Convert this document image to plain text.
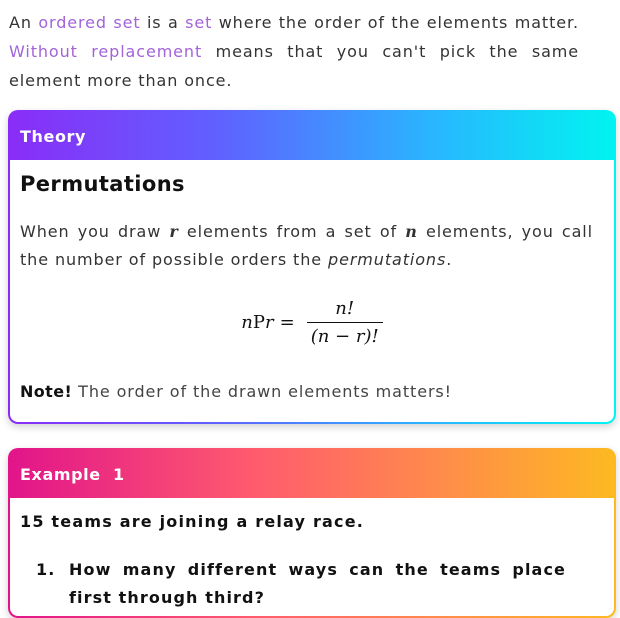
An ordered set is a set where the order of the elements matter. Without replacement means that you can't pick the same element more than once.
Theory
Permutations
When you draw r elements from a set of n elements, you call the number of possible orders the permutations.
n P $r = \frac{n!}{(n - r)!}$
Note! The order of the drawn elements matters!
Example  1
15 teams are joining a relay race.
1. How many different ways can the teams place first through third?
